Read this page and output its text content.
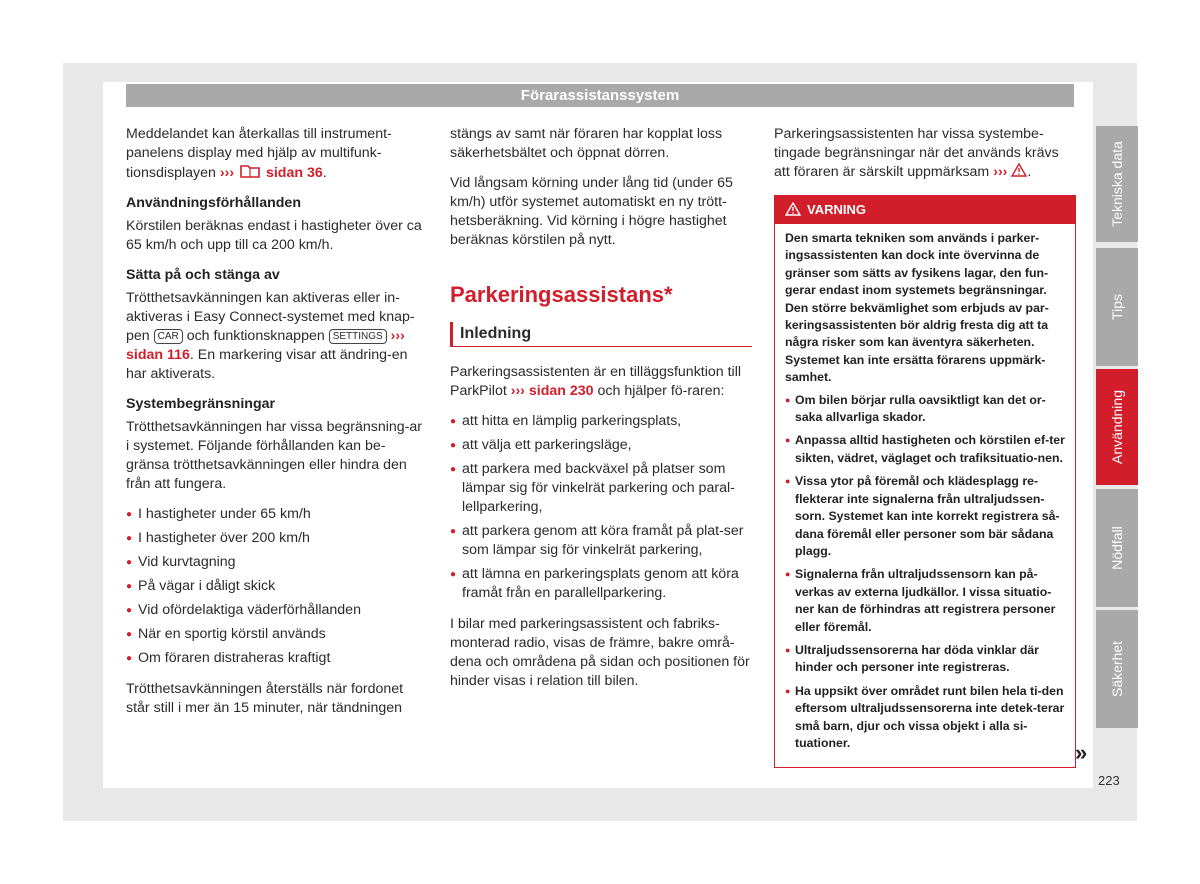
Förarassistanssystem
Meddelandet kan återkallas till instrument-panelens display med hjälp av multifunk-tionsdisplayen ››› sidan 36.
Användningsförhållanden
Körstilen beräknas endast i hastigheter över ca 65 km/h och upp till ca 200 km/h.
Sätta på och stänga av
Trötthetsavkänningen kan aktiveras eller in-aktiveras i Easy Connect-systemet med knap-pen CAR och funktionsknappen SETTINGS ››› sidan 116. En markering visar att ändring-en har aktiverats.
Systembegränsningar
Trötthetsavkänningen har vissa begränsning-ar i systemet. Följande förhållanden kan be-gränsa trötthetsavkänningen eller hindra den från att fungera.
● I hastigheter under 65 km/h
● I hastigheter över 200 km/h
● Vid kurvtagning
● På vägar i dåligt skick
● Vid ofördelaktiga väderförhållanden
● När en sportig körstil används
● Om föraren distraheras kraftigt
Trötthetsavkänningen återställs när fordonet står still i mer än 15 minuter, när tändningen
stängs av samt när föraren har kopplat loss säkerhetsbältet och öppnat dörren.
Vid långsam körning under lång tid (under 65 km/h) utför systemet automatiskt en ny trött-hetsberäkning. Vid körning i högre hastighet beräknas körstilen på nytt.
Parkeringsassistans*
Inledning
Parkeringsassistenten är en tilläggsfunktion till ParkPilot ››› sidan 230 och hjälper fö-raren:
● att hitta en lämplig parkeringsplats,
● att välja ett parkeringsläge,
● att parkera med backväxel på platser som lämpar sig för vinkelrät parkering och paral-lellparkering,
● att parkera genom att köra framåt på plat-ser som lämpar sig för vinkelrät parkering,
● att lämna en parkeringsplats genom att köra framåt från en parallellparkering.
I bilar med parkeringsassistent och fabriks-monterad radio, visas de främre, bakre områ-dena och områdena på sidan och positionen för hinder visas i relation till bilen.
Parkeringsassistenten har vissa systembe-tingade begränsningar när det används krävs att föraren är särskilt uppmärksam ››› .
VARNING
Den smarta tekniken som används i parker-ingsassistenten kan dock inte övervinna de gränser som sätts av fysikens lagar, den fun-gerar endast inom systemets begränsningar. Den större bekvämlighet som erbjuds av par-keringsassistenten bör aldrig fresta dig att ta några risker som kan äventyra säkerheten. Systemet kan inte ersätta förarens uppmärk-samhet.
● Om bilen börjar rulla oavsiktligt kan det or-saka allvarliga skador.
● Anpassa alltid hastigheten och körstilen ef-ter sikten, vädret, väglaget och trafiksituatio-nen.
● Vissa ytor på föremål och klädesplagg re-flekterar inte signalerna från ultraljudssen-sorn. Systemet kan inte korrekt registrera så-dana föremål eller personer som bär sådana plagg.
● Signalerna från ultraljudssensorn kan på-verkas av externa ljudkällor. I vissa situatio-ner kan de förhindras att registrera personer eller föremål.
● Ultraljudssensorerna har döda vinklar där hinder och personer inte registreras.
● Ha uppsikt över området runt bilen hela ti-den eftersom ultraljudssensorerna inte detek-terar små barn, djur och vissa objekt i alla si-tuationer.
Tekniska data
Tips
Användning
Nödfall
Säkerhet
»
223
